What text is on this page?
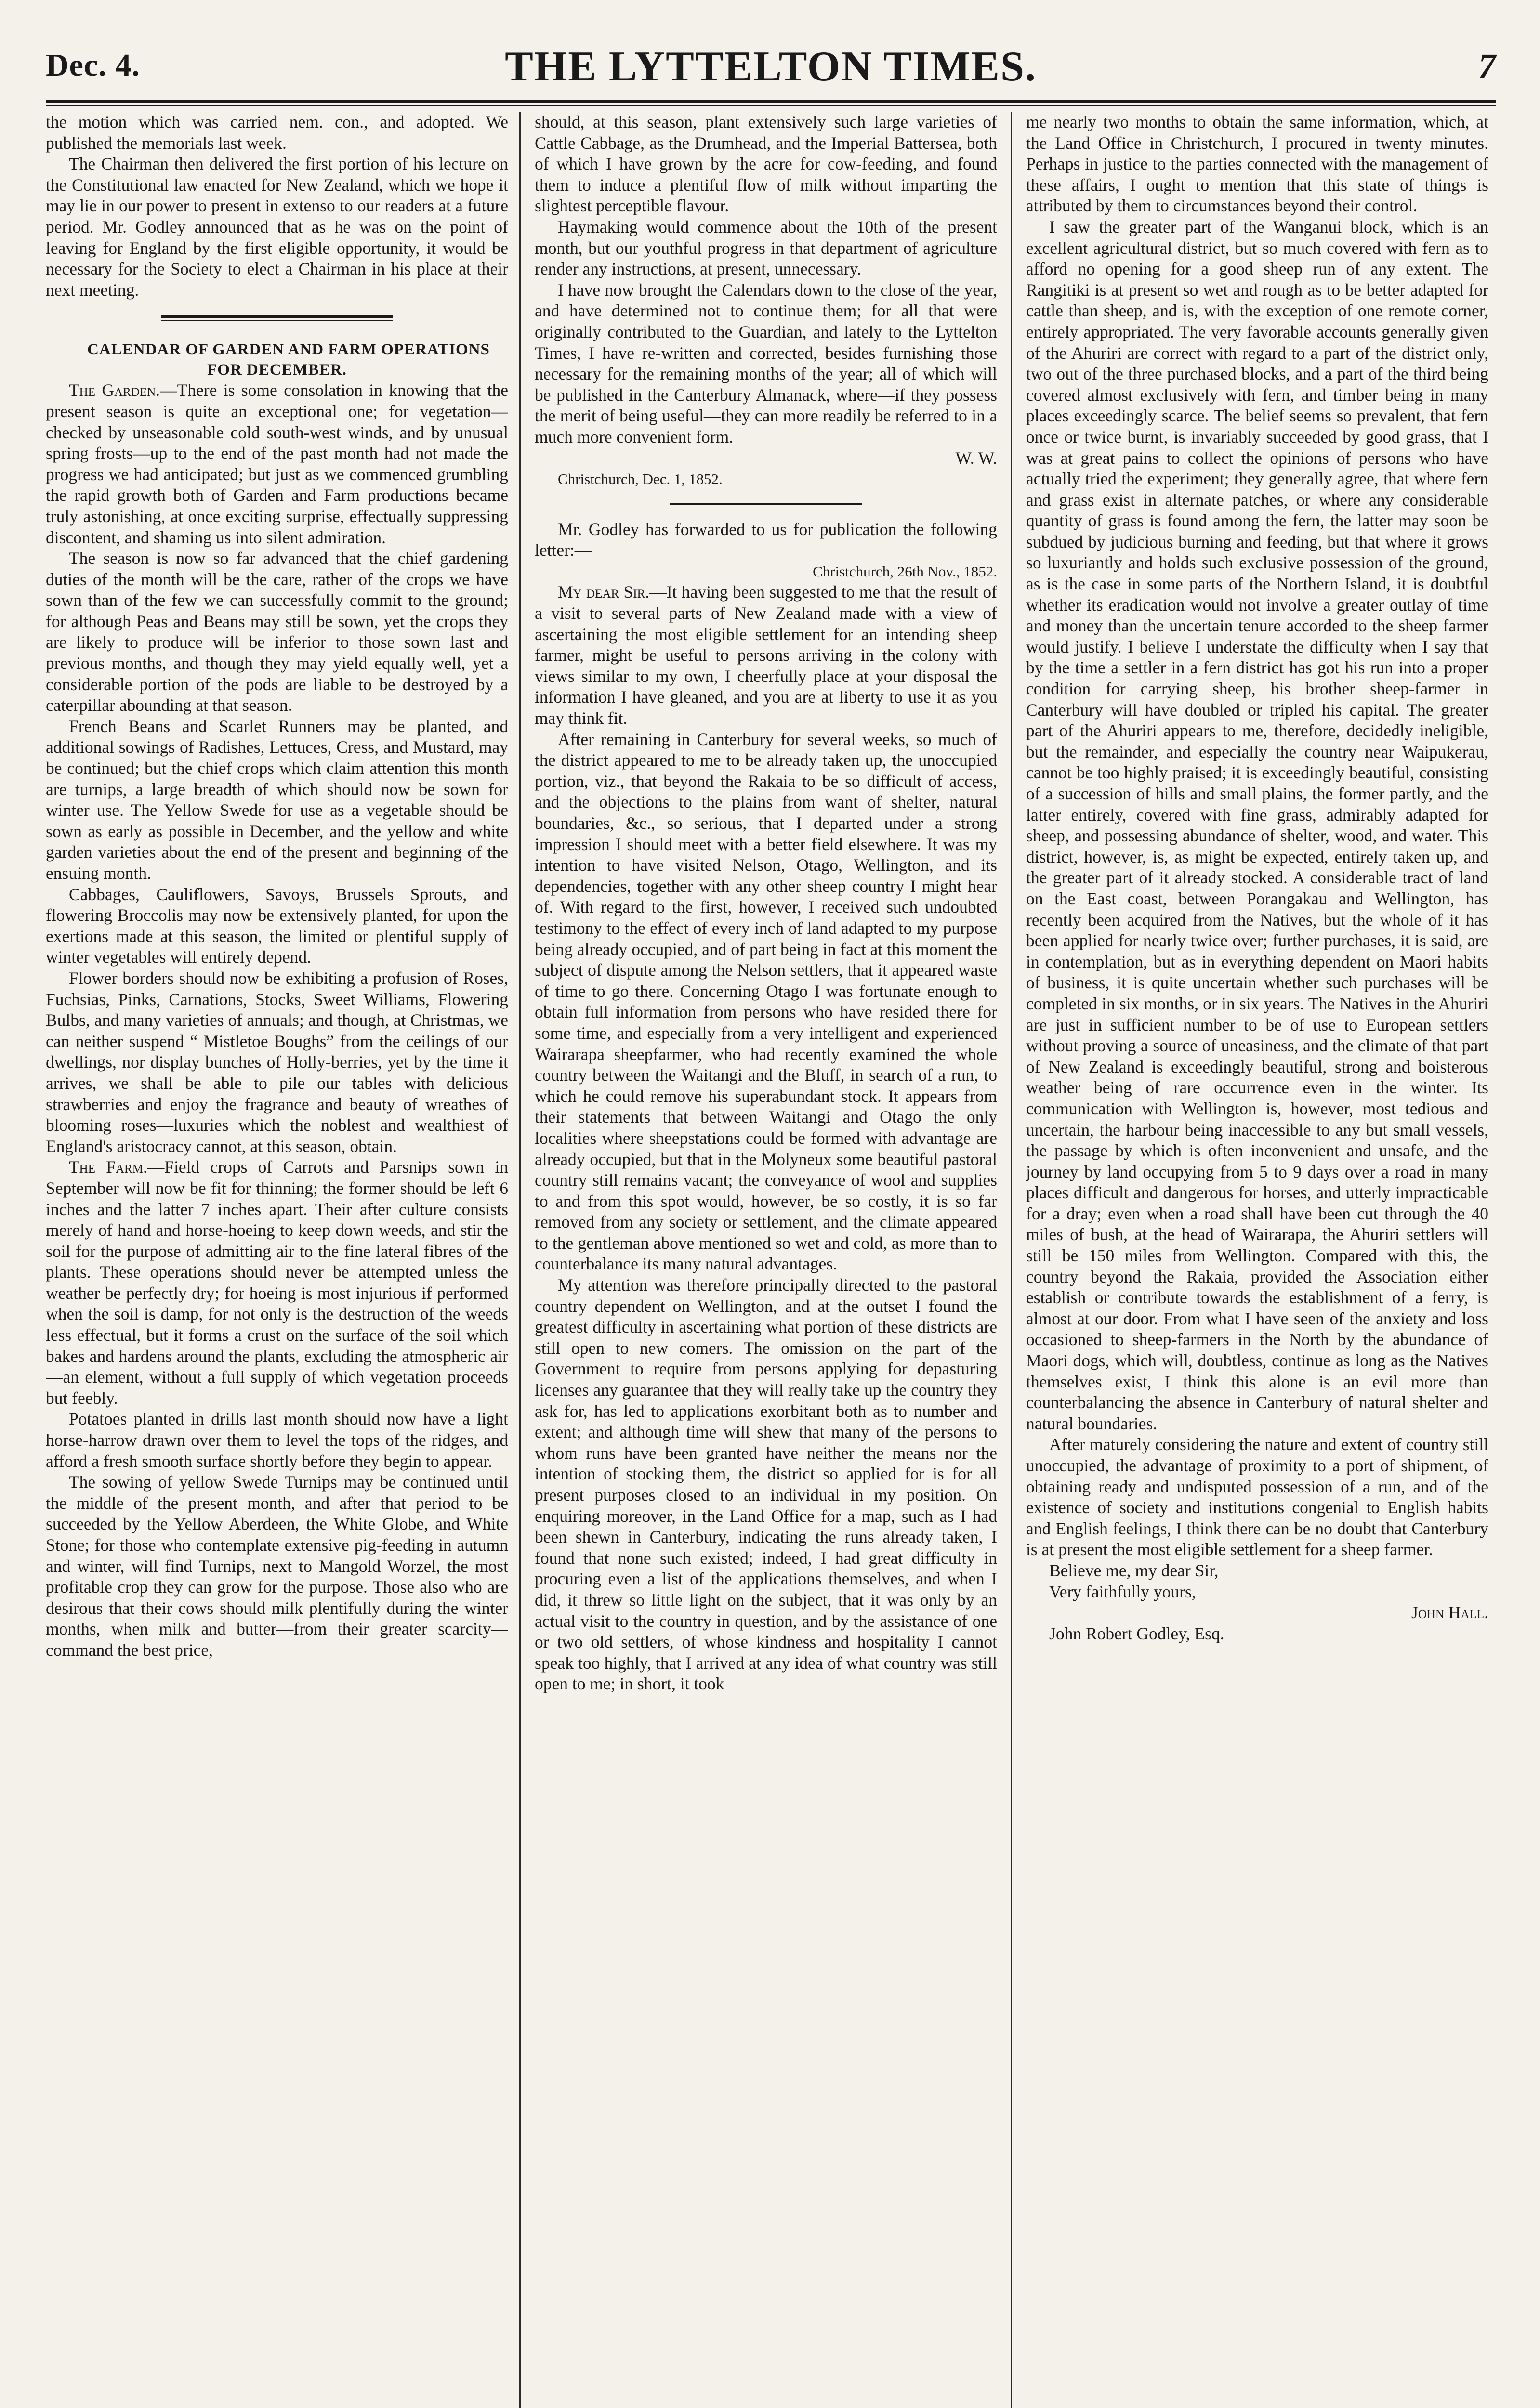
Dec. 4.	THE LYTTELTON TIMES.	7

the motion which was carried nem. con., and adopted. We published the memorials last week.

The Chairman then delivered the first portion of his lecture on the Constitutional law enacted for New Zealand, which we hope it may lie in our power to present in extenso to our readers at a future period. Mr. Godley announced that as he was on the point of leaving for England by the first eligible opportunity, it would be necessary for the Society to elect a Chairman in his place at their next meeting.

CALENDAR OF GARDEN AND FARM OPERATIONS FOR DECEMBER.

The Garden.—There is some consolation in knowing that the present season is quite an exceptional one; for vegetation—checked by unseasonable cold south-west winds, and by unusual spring frosts—up to the end of the past month had not made the progress we had anticipated; but just as we commenced grumbling the rapid growth both of Garden and Farm productions became truly astonishing, at once exciting surprise, effectually suppressing discontent, and shaming us into silent admiration.

The season is now so far advanced that the chief gardening duties of the month will be the care, rather of the crops we have sown than of the few we can successfully commit to the ground; for although Peas and Beans may still be sown, yet the crops they are likely to produce will be inferior to those sown last and previous months, and though they may yield equally well, yet a considerable portion of the pods are liable to be destroyed by a caterpillar abounding at that season.

French Beans and Scarlet Runners may be planted, and additional sowings of Radishes, Lettuces, Cress, and Mustard, may be continued; but the chief crops which claim attention this month are turnips, a large breadth of which should now be sown for winter use. The Yellow Swede for use as a vegetable should be sown as early as possible in December, and the yellow and white garden varieties about the end of the present and beginning of the ensuing month.

Cabbages, Cauliflowers, Savoys, Brussels Sprouts, and flowering Broccolis may now be extensively planted, for upon the exertions made at this season, the limited or plentiful supply of winter vegetables will entirely depend.

Flower borders should now be exhibiting a profusion of Roses, Fuchsias, Pinks, Carnations, Stocks, Sweet Williams, Flowering Bulbs, and many varieties of annuals; and though, at Christmas, we can neither suspend “ Mistletoe Boughs” from the ceilings of our dwellings, nor display bunches of Holly-berries, yet by the time it arrives, we shall be able to pile our tables with delicious strawberries and enjoy the fragrance and beauty of wreathes of blooming roses—luxuries which the noblest and wealthiest of England's aristocracy cannot, at this season, obtain.

The Farm.—Field crops of Carrots and Parsnips sown in September will now be fit for thinning; the former should be left 6 inches and the latter 7 inches apart. Their after culture consists merely of hand and horse-hoeing to keep down weeds, and stir the soil for the purpose of admitting air to the fine lateral fibres of the plants. These operations should never be attempted unless the weather be perfectly dry; for hoeing is most injurious if performed when the soil is damp, for not only is the destruction of the weeds less effectual, but it forms a crust on the surface of the soil which bakes and hardens around the plants, excluding the atmospheric air—an element, without a full supply of which vegetation proceeds but feebly.

Potatoes planted in drills last month should now have a light horse-harrow drawn over them to level the tops of the ridges, and afford a fresh smooth surface shortly before they begin to appear.

The sowing of yellow Swede Turnips may be continued until the middle of the present month, and after that period to be succeeded by the Yellow Aberdeen, the White Globe, and White Stone; for those who contemplate extensive pig-feeding in autumn and winter, will find Turnips, next to Mangold Worzel, the most profitable crop they can grow for the purpose. Those also who are desirous that their cows should milk plentifully during the winter months, when milk and butter—from their greater scarcity—command the best price,

should, at this season, plant extensively such large varieties of Cattle Cabbage, as the Drumhead, and the Imperial Battersea, both of which I have grown by the acre for cow-feeding, and found them to induce a plentiful flow of milk without imparting the slightest perceptible flavour.

Haymaking would commence about the 10th of the present month, but our youthful progress in that department of agriculture render any instructions, at present, unnecessary.

I have now brought the Calendars down to the close of the year, and have determined not to continue them; for all that were originally contributed to the Guardian, and lately to the Lyttelton Times, I have re-written and corrected, besides furnishing those necessary for the remaining months of the year; all of which will be published in the Canterbury Almanack, where—if they possess the merit of being useful—they can more readily be referred to in a much more convenient form.

W. W.

Christchurch, Dec. 1, 1852.

Mr. Godley has forwarded to us for publication the following letter:—

Christchurch, 26th Nov., 1852.

My dear Sir.—It having been suggested to me that the result of a visit to several parts of New Zealand made with a view of ascertaining the most eligible settlement for an intending sheep farmer, might be useful to persons arriving in the colony with views similar to my own, I cheerfully place at your disposal the information I have gleaned, and you are at liberty to use it as you may think fit.

After remaining in Canterbury for several weeks, so much of the district appeared to me to be already taken up, the unoccupied portion, viz., that beyond the Rakaia to be so difficult of access, and the objections to the plains from want of shelter, natural boundaries, &c., so serious, that I departed under a strong impression I should meet with a better field elsewhere. It was my intention to have visited Nelson, Otago, Wellington, and its dependencies, together with any other sheep country I might hear of. With regard to the first, however, I received such undoubted testimony to the effect of every inch of land adapted to my purpose being already occupied, and of part being in fact at this moment the subject of dispute among the Nelson settlers, that it appeared waste of time to go there. Concerning Otago I was fortunate enough to obtain full information from persons who have resided there for some time, and especially from a very intelligent and experienced Wairarapa sheepfarmer, who had recently examined the whole country between the Waitangi and the Bluff, in search of a run, to which he could remove his superabundant stock. It appears from their statements that between Waitangi and Otago the only localities where sheepstations could be formed with advantage are already occupied, but that in the Molyneux some beautiful pastoral country still remains vacant; the conveyance of wool and supplies to and from this spot would, however, be so costly, it is so far removed from any society or settlement, and the climate appeared to the gentleman above mentioned so wet and cold, as more than to counterbalance its many natural advantages.

My attention was therefore principally directed to the pastoral country dependent on Wellington, and at the outset I found the greatest difficulty in ascertaining what portion of these districts are still open to new comers. The omission on the part of the Government to require from persons applying for depasturing licenses any guarantee that they will really take up the country they ask for, has led to applications exorbitant both as to number and extent; and although time will shew that many of the persons to whom runs have been granted have neither the means nor the intention of stocking them, the district so applied for is for all present purposes closed to an individual in my position. On enquiring moreover, in the Land Office for a map, such as I had been shewn in Canterbury, indicating the runs already taken, I found that none such existed; indeed, I had great difficulty in procuring even a list of the applications themselves, and when I did, it threw so little light on the subject, that it was only by an actual visit to the country in question, and by the assistance of one or two old settlers, of whose kindness and hospitality I cannot speak too highly, that I arrived at any idea of what country was still open to me; in short, it took

me nearly two months to obtain the same information, which, at the Land Office in Christchurch, I procured in twenty minutes. Perhaps in justice to the parties connected with the management of these affairs, I ought to mention that this state of things is attributed by them to circumstances beyond their control.

I saw the greater part of the Wanganui block, which is an excellent agricultural district, but so much covered with fern as to afford no opening for a good sheep run of any extent. The Rangitiki is at present so wet and rough as to be better adapted for cattle than sheep, and is, with the exception of one remote corner, entirely appropriated. The very favorable accounts generally given of the Ahuriri are correct with regard to a part of the district only, two out of the three purchased blocks, and a part of the third being covered almost exclusively with fern, and timber being in many places exceedingly scarce. The belief seems so prevalent, that fern once or twice burnt, is invariably succeeded by good grass, that I was at great pains to collect the opinions of persons who have actually tried the experiment; they generally agree, that where fern and grass exist in alternate patches, or where any considerable quantity of grass is found among the fern, the latter may soon be subdued by judicious burning and feeding, but that where it grows so luxuriantly and holds such exclusive possession of the ground, as is the case in some parts of the Northern Island, it is doubtful whether its eradication would not involve a greater outlay of time and money than the uncertain tenure accorded to the sheep farmer would justify. I believe I understate the difficulty when I say that by the time a settler in a fern district has got his run into a proper condition for carrying sheep, his brother sheep-farmer in Canterbury will have doubled or tripled his capital. The greater part of the Ahuriri appears to me, therefore, decidedly ineligible, but the remainder, and especially the country near Waipukerau, cannot be too highly praised; it is exceedingly beautiful, consisting of a succession of hills and small plains, the former partly, and the latter entirely, covered with fine grass, admirably adapted for sheep, and possessing abundance of shelter, wood, and water. This district, however, is, as might be expected, entirely taken up, and the greater part of it already stocked. A considerable tract of land on the East coast, between Porangakau and Wellington, has recently been acquired from the Natives, but the whole of it has been applied for nearly twice over; further purchases, it is said, are in contemplation, but as in everything dependent on Maori habits of business, it is quite uncertain whether such purchases will be completed in six months, or in six years. The Natives in the Ahuriri are just in sufficient number to be of use to European settlers without proving a source of uneasiness, and the climate of that part of New Zealand is exceedingly beautiful, strong and boisterous weather being of rare occurrence even in the winter. Its communication with Wellington is, however, most tedious and uncertain, the harbour being inaccessible to any but small vessels, the passage by which is often inconvenient and unsafe, and the journey by land occupying from 5 to 9 days over a road in many places difficult and dangerous for horses, and utterly impracticable for a dray; even when a road shall have been cut through the 40 miles of bush, at the head of Wairarapa, the Ahuriri settlers will still be 150 miles from Wellington. Compared with this, the country beyond the Rakaia, provided the Association either establish or contribute towards the establishment of a ferry, is almost at our door. From what I have seen of the anxiety and loss occasioned to sheep-farmers in the North by the abundance of Maori dogs, which will, doubtless, continue as long as the Natives themselves exist, I think this alone is an evil more than counterbalancing the absence in Canterbury of natural shelter and natural boundaries.

After maturely considering the nature and extent of country still unoccupied, the advantage of proximity to a port of shipment, of obtaining ready and undisputed possession of a run, and of the existence of society and institutions congenial to English habits and English feelings, I think there can be no doubt that Canterbury is at present the most eligible settlement for a sheep farmer.

Believe me, my dear Sir,

Very faithfully yours,

John Hall.

John Robert Godley, Esq.
